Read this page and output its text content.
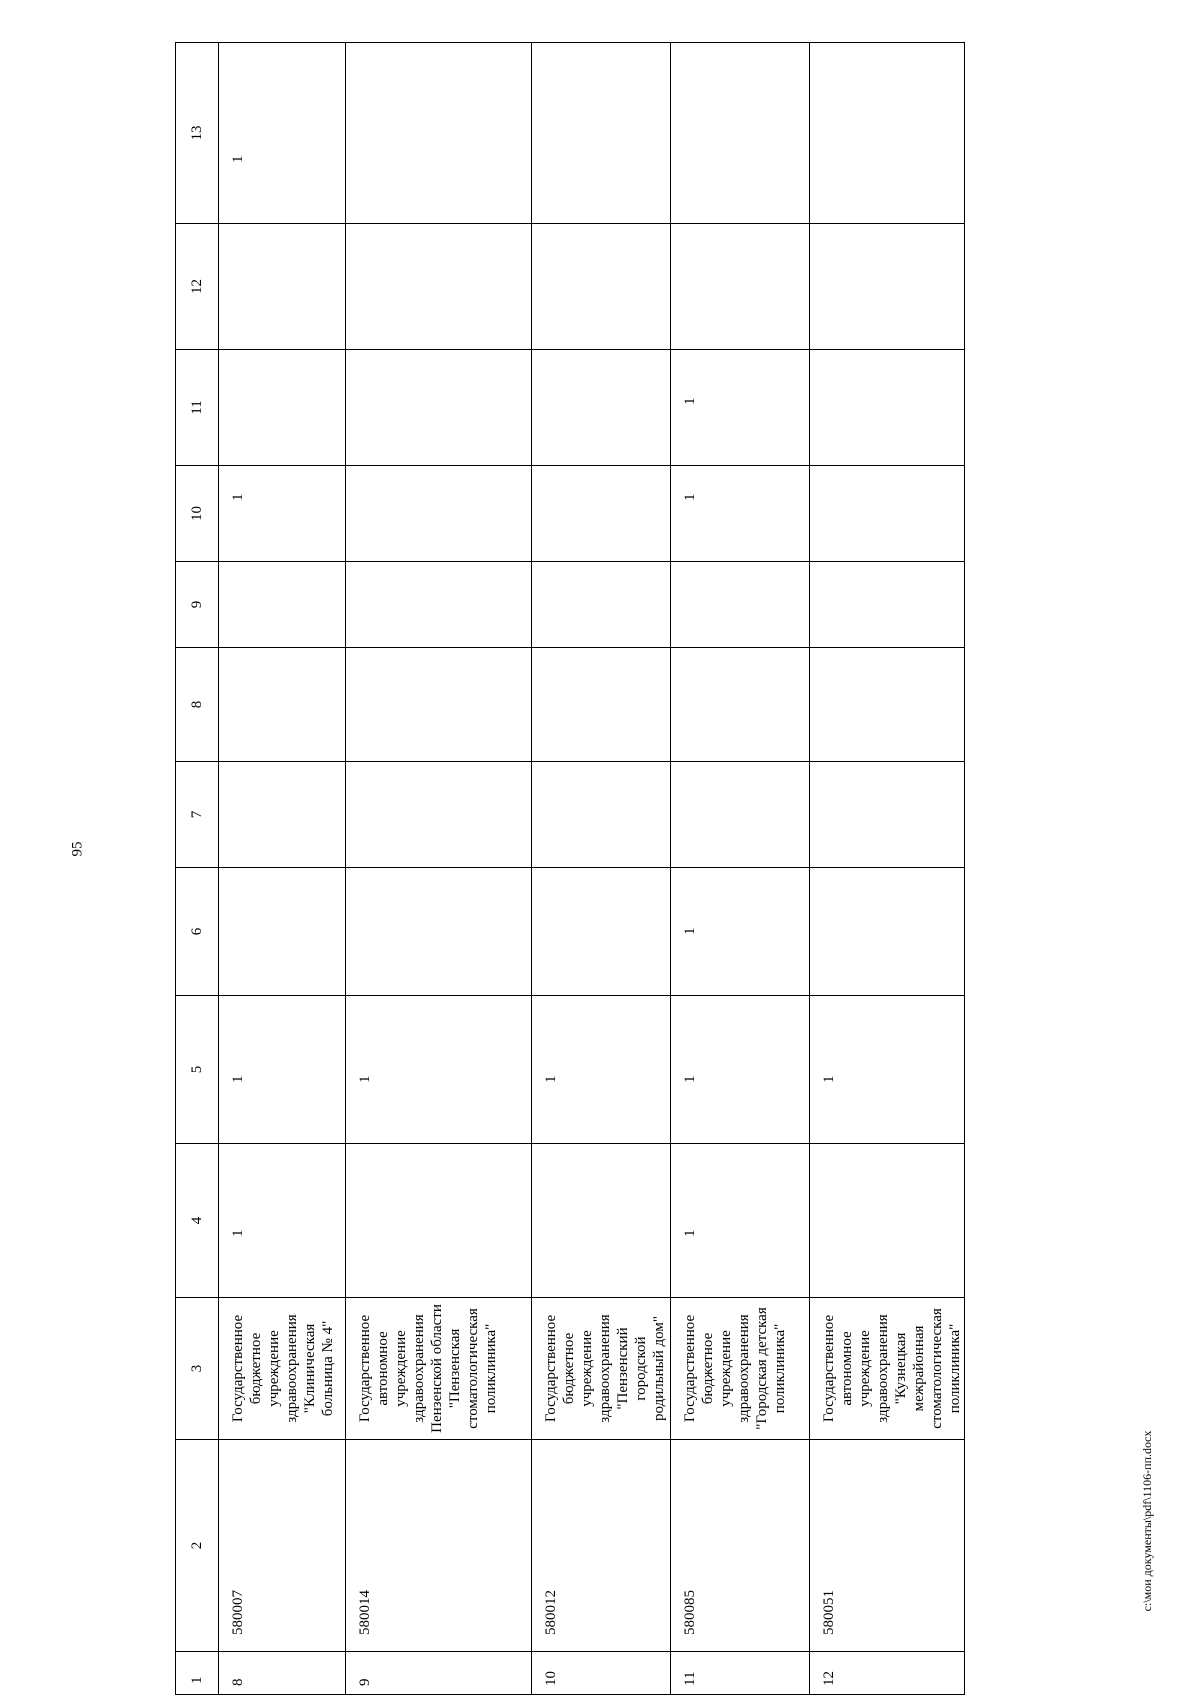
95
1	2	3	4	5	6	7	8	9	10	11	12	13
8	580007	Государственное бюджетное учреждение здравоохранения "Клиническая больница № 4"	1	1					1			1
9	580014	Государственное автономное учреждение здравоохранения Пензенской области "Пензенская стоматологическая поликлиника"		1								
10	580012	Государственное бюджетное учреждение здравоохранения "Пензенский городской родильный дом"		1								
11	580085	Государственное бюджетное учреждение здравоохранения "Городская детская поликлиника"	1	1	1				1	1		
12	580051	Государственное автономное учреждение здравоохранения "Кузнецкая межрайонная стоматологическая поликлиника"		1								
c:\мои документы\pdf\1106-пп.docx
